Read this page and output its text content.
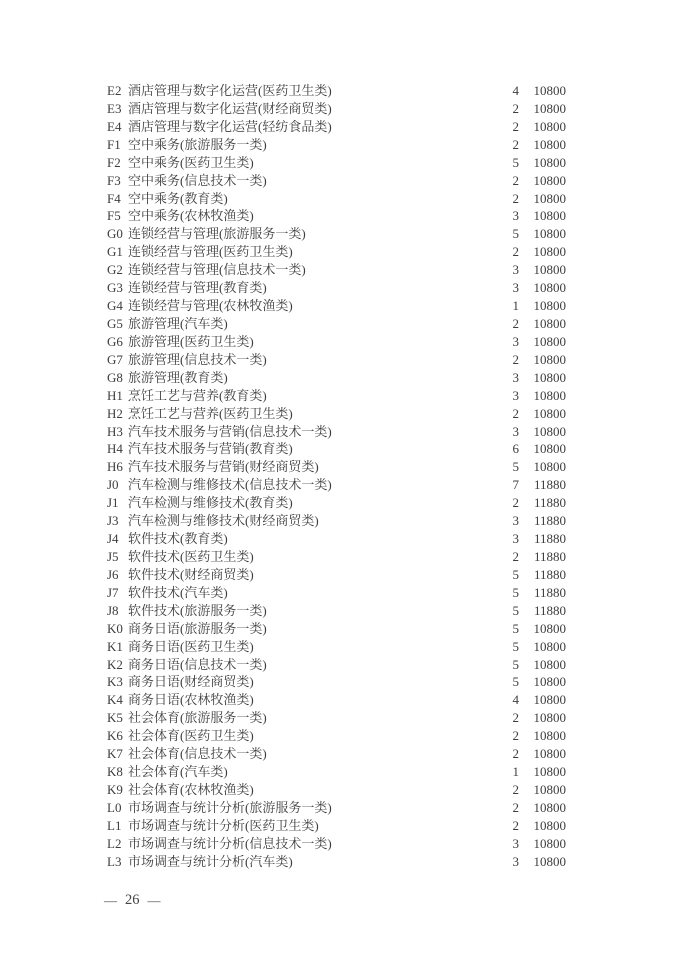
E2 酒店管理与数字化运营(医药卫生类)	4	10800
E3 酒店管理与数字化运营(财经商贸类)	2	10800
E4 酒店管理与数字化运营(轻纺食品类)	2	10800
F1 空中乘务(旅游服务一类)	2	10800
F2 空中乘务(医药卫生类)	5	10800
F3 空中乘务(信息技术一类)	2	10800
F4 空中乘务(教育类)	2	10800
F5 空中乘务(农林牧渔类)	3	10800
G0 连锁经营与管理(旅游服务一类)	5	10800
G1 连锁经营与管理(医药卫生类)	2	10800
G2 连锁经营与管理(信息技术一类)	3	10800
G3 连锁经营与管理(教育类)	3	10800
G4 连锁经营与管理(农林牧渔类)	1	10800
G5 旅游管理(汽车类)	2	10800
G6 旅游管理(医药卫生类)	3	10800
G7 旅游管理(信息技术一类)	2	10800
G8 旅游管理(教育类)	3	10800
H1 烹饪工艺与营养(教育类)	3	10800
H2 烹饪工艺与营养(医药卫生类)	2	10800
H3 汽车技术服务与营销(信息技术一类)	3	10800
H4 汽车技术服务与营销(教育类)	6	10800
H6 汽车技术服务与营销(财经商贸类)	5	10800
J0 汽车检测与维修技术(信息技术一类)	7	11880
J1 汽车检测与维修技术(教育类)	2	11880
J3 汽车检测与维修技术(财经商贸类)	3	11880
J4 软件技术(教育类)	3	11880
J5 软件技术(医药卫生类)	2	11880
J6 软件技术(财经商贸类)	5	11880
J7 软件技术(汽车类)	5	11880
J8 软件技术(旅游服务一类)	5	11880
K0 商务日语(旅游服务一类)	5	10800
K1 商务日语(医药卫生类)	5	10800
K2 商务日语(信息技术一类)	5	10800
K3 商务日语(财经商贸类)	5	10800
K4 商务日语(农林牧渔类)	4	10800
K5 社会体育(旅游服务一类)	2	10800
K6 社会体育(医药卫生类)	2	10800
K7 社会体育(信息技术一类)	2	10800
K8 社会体育(汽车类)	1	10800
K9 社会体育(农林牧渔类)	2	10800
L0 市场调查与统计分析(旅游服务一类)	2	10800
L1 市场调查与统计分析(医药卫生类)	2	10800
L2 市场调查与统计分析(信息技术一类)	3	10800
L3 市场调查与统计分析(汽车类)	3	10800
— 26 —
